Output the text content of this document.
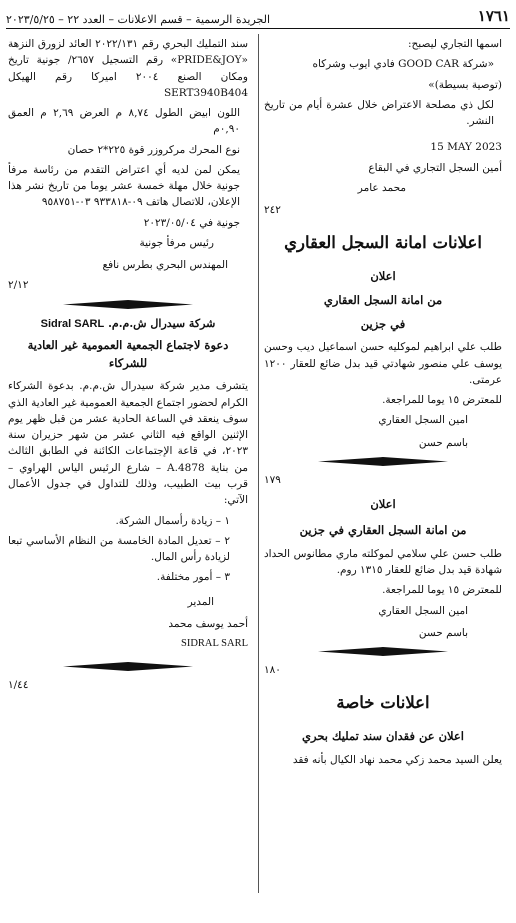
١٧٦١
الجريدة الرسمية – قسم الاعلانات – العدد ٢٢ – ٢٠٢٣/٥/٢٥

اسمها التجاري ليصبح:

«شركة GOOD CAR فادي ايوب وشركاه

(توصية بسيطة)»

لكل ذي مصلحة الاعتراض خلال عشرة أيام من تاريخ النشر.

15 MAY 2023

أمين السجل التجاري في البقاع

محمد عامر

٢٤٢

اعلانات امانة السجل العقاري
اعلان
من امانة السجل العقاري
في جزين

طلب علي ابراهيم لموكليه حسن اسماعيل ديب وحسن يوسف علي منصور شهادتي قيد بدل ضائع للعقار ١٢٠٠ عرمتى.

للمعترض ١٥ يوما للمراجعة.

امين السجل العقاري

باسم حسن

١٧٩

اعلان
من امانة السجل العقاري في جزين

طلب حسن علي سلامي لموكلته ماري مطانوس الحداد شهادة قيد بدل ضائع للعقار ١٣١٥ روم.

للمعترض ١٥ يوما للمراجعة.

امين السجل العقاري

باسم حسن

١٨٠

اعلانات خاصة
اعلان عن فقدان سند تمليك بحري

يعلن السيد محمد زكي محمد نهاد الكيال بأنه فقد

سند التمليك البحري رقم ٢٠٢٢/١٣١ العائد لزورق النزهة «PRIDE&JOY» رقم التسجيل ٢٦٥٧/ جونية تاريخ ومكان الصنع ٢٠٠٤ اميركا رقم الهيكل SERT3940B404

اللون ابيض الطول ٨,٧٤ م العرض ٢,٦٩ م العمق ٠,٩٠م

نوع المحرك مركروزر قوة ٢٢٥*٢ حصان

يمكن لمن لديه أي اعتراض التقدم من رئاسة مرفأ جونية خلال مهلة خمسة عشر يوما من تاريخ نشر هذا الإعلان، للاتصال هاتف ٠٩-٩٣٣٨١٨ ٠٣-٩٥٨٧٥١

جونية في ٢٠٢٣/٠٥/٠٤

رئيس مرفأ جونية

المهندس البحري بطرس نافع

٢/١٢

شركة سيدرال ش.م.م. Sidral SARL
دعوة لاجتماع الجمعية العمومية غير العادية للشركاء

يتشرف مدير شركة سيدرال ش.م.م. بدعوة الشركاء الكرام لحضور اجتماع الجمعية العمومية غير العادية الذي سوف ينعقد في الساعة الحادية عشر من قبل ظهر يوم الإثنين الواقع فيه الثاني عشر من شهر حزيران سنة ٢٠٢٣، في قاعة الإجتماعات الكائنة في الطابق الثالث من بناية A.4878 – شارع الرئيس الياس الهراوي – قرب بيت الطبيب، وذلك للتداول في جدول الأعمال الآتي:

١ – زيادة رأسمال الشركة.

٢ – تعديل المادة الخامسة من النظام الأساسي تبعا لزيادة رأس المال.

٣ – أمور مختلفة.

المدير

أحمد يوسف محمد

SIDRAL SARL

١/٤٤
